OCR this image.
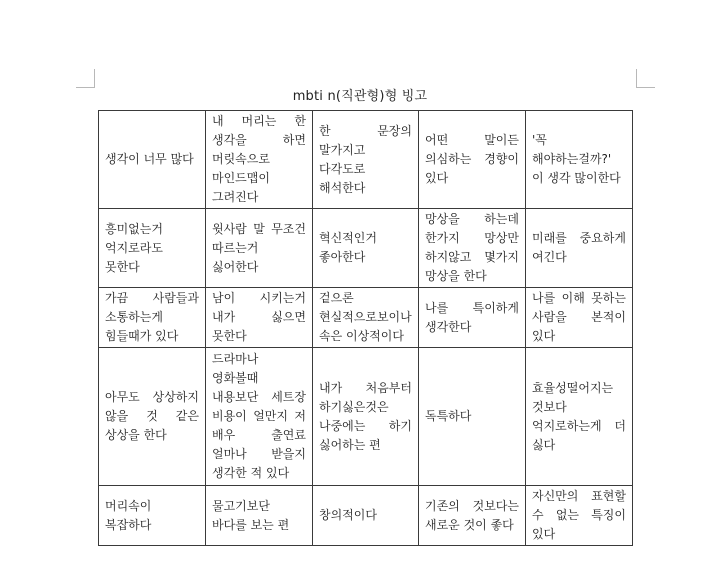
mbti n(직관형)형 빙고
생각이 너무 많다	내 머리는 한 생각을 하면 머릿속으로 마인드맵이 그려진다	한 문장의 말가지고 다각도로 해석한다	어떤 말이든 의심하는 경향이 있다	'꼭 해야하는걸까?' 이 생각 많이한다
흥미없는거 억지로라도 못한다	윗사람 말 무조건 따르는거 싫어한다	혁신적인거 좋아한다	망상을 하는데 한가지 망상만 하지않고 몇가지 망상을 한다	미래를 중요하게 여긴다
가끔 사람들과 소통하는게 힘들때가 있다	남이 시키는거 내가 싫으면 못한다	겉으론 현실적으로보이나 속은 이상적이다	나를 특이하게 생각한다	나를 이해 못하는 사람을 본적이 있다
아무도 상상하지 않을 것 같은 상상을 한다	드라마나 영화볼때 내용보단 세트장 비용이 얼만지 저 배우 출연료 얼마나 받을지 생각한 적 있다	내가 처음부터 하기싫은것은 나중에는 하기 싫어하는 편	독특하다	효율성떨어지는 것보다 억지로하는게 더 싫다
머리속이 복잡하다	물고기보단 바다를 보는 편	창의적이다	기존의 것보다는 새로운 것이 좋다	자신만의 표현할 수 없는 특징이 있다
